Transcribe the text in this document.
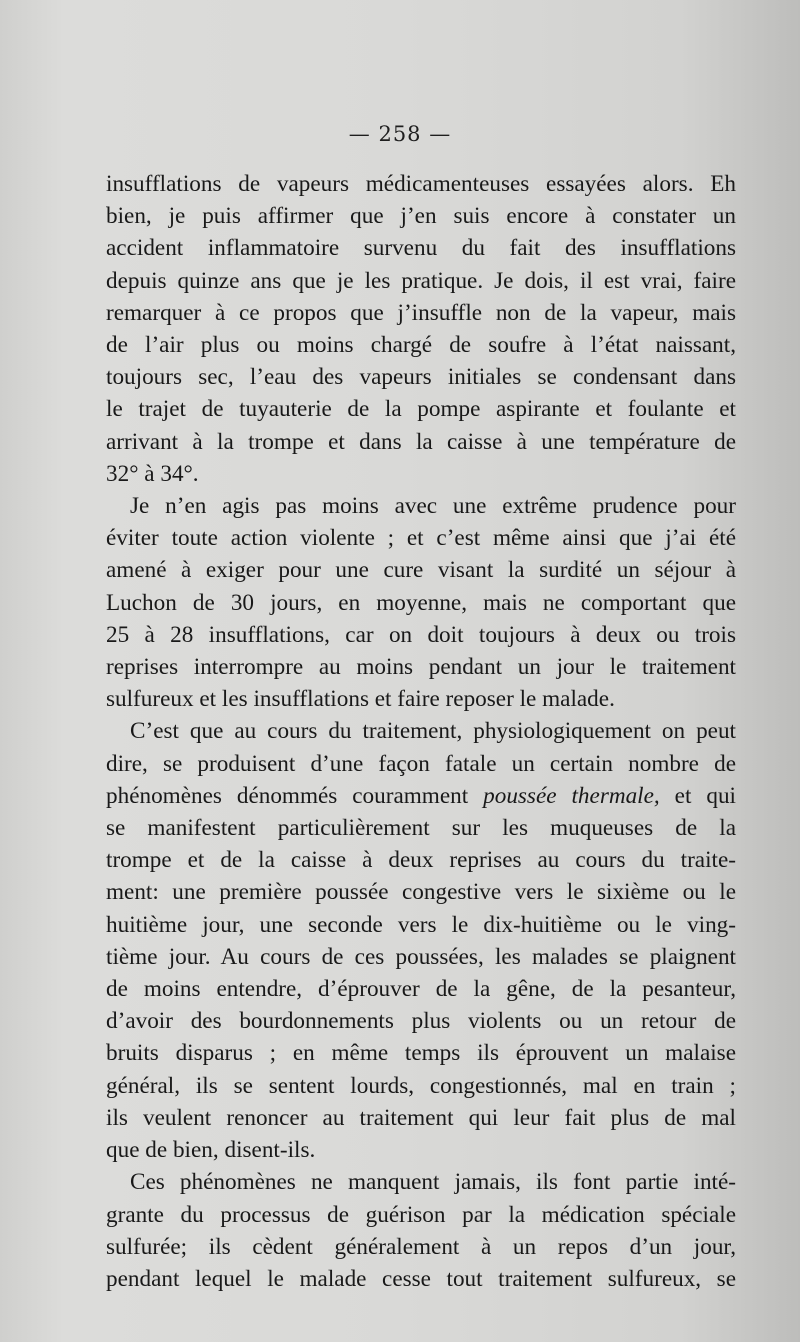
— 258 —
insufflations de vapeurs médicamenteuses essayées alors. Eh
bien, je puis affirmer que j’en suis encore à constater un
accident inflammatoire survenu du fait des insufflations
depuis quinze ans que je les pratique. Je dois, il est vrai, faire
remarquer à ce propos que j’insuffle non de la vapeur, mais
de l’air plus ou moins chargé de soufre à l’état naissant,
toujours sec, l’eau des vapeurs initiales se condensant dans
le trajet de tuyauterie de la pompe aspirante et foulante et
arrivant à la trompe et dans la caisse à une température de
32° à 34°.
Je n’en agis pas moins avec une extrême prudence pour
éviter toute action violente ; et c’est même ainsi que j’ai été
amené à exiger pour une cure visant la surdité un séjour à
Luchon de 30 jours, en moyenne, mais ne comportant que
25 à 28 insufflations, car on doit toujours à deux ou trois
reprises interrompre au moins pendant un jour le traitement
sulfureux et les insufflations et faire reposer le malade.
C’est que au cours du traitement, physiologiquement on peut
dire, se produisent d’une façon fatale un certain nombre de
phénomènes dénommés couramment poussée thermale, et qui
se manifestent particulièrement sur les muqueuses de la
trompe et de la caisse à deux reprises au cours du traite-
ment: une première poussée congestive vers le sixième ou le
huitième jour, une seconde vers le dix-huitième ou le ving-
tième jour. Au cours de ces poussées, les malades se plaignent
de moins entendre, d’éprouver de la gêne, de la pesanteur,
d’avoir des bourdonnements plus violents ou un retour de
bruits disparus ; en même temps ils éprouvent un malaise
général, ils se sentent lourds, congestionnés, mal en train ;
ils veulent renoncer au traitement qui leur fait plus de mal
que de bien, disent-ils.
Ces phénomènes ne manquent jamais, ils font partie inté-
grante du processus de guérison par la médication spéciale
sulfurée; ils cèdent généralement à un repos d’un jour,
pendant lequel le malade cesse tout traitement sulfureux, se
